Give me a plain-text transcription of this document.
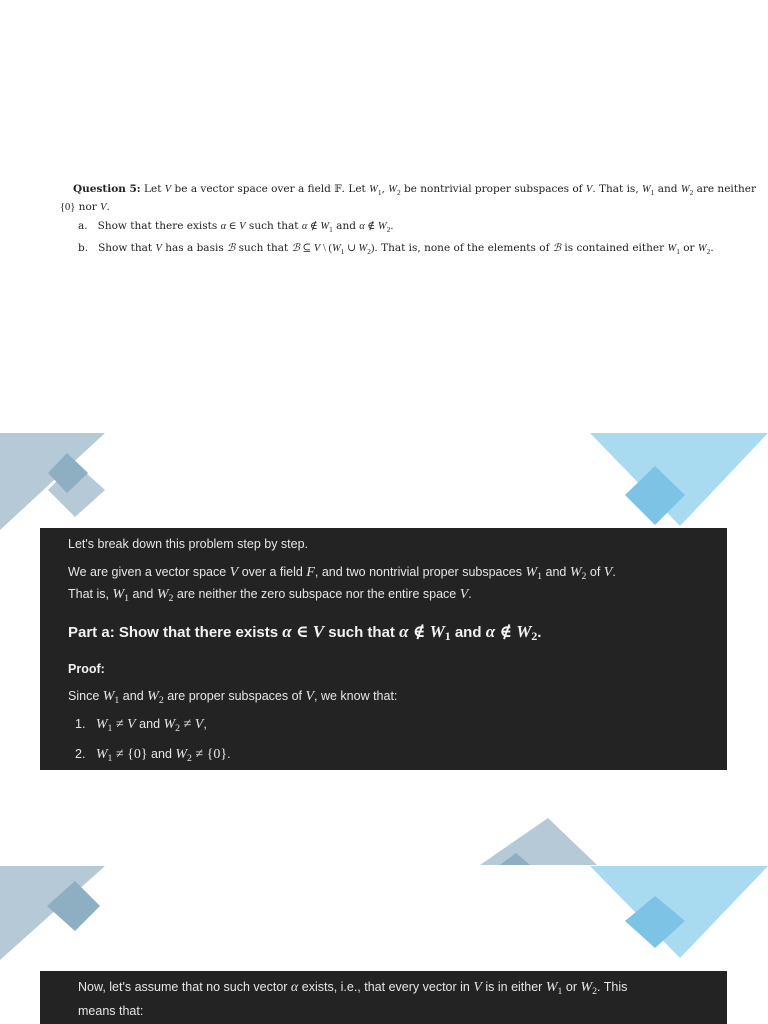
Question 5: Let V be a vector space over a field 𝔽. Let $W_1$, $W_2$ be nontrivial proper subspaces of V. That is, $W_1$ and $W_2$ are neither
{0} nor V.
a. Show that there exists α ∈ V such that α ∉ $W_1$ and α ∉ $W_2$.
b. Show that V has a basis ℬ such that ℬ ⊆ V \ ($W_1$ ∪ $W_2$). That is, none of the elements of ℬ is contained either $W_1$ or $W_2$.
Let's break down this problem step by step.
We are given a vector space V over a field F, and two nontrivial proper subspaces $W_1$ and $W_2$ of V.
That is, $W_1$ and $W_2$ are neither the zero subspace nor the entire space V.
Part a: Show that there exists α ∈ V such that α ∉ $W_1$ and α ∉ $W_2$.
Proof:
Since $W_1$ and $W_2$ are proper subspaces of V, we know that:
1. $W_1 \ne V$ and $W_2 \ne V$,
2. $W_1 \ne \{0\}$ and $W_2 \ne \{0\}$.
Now, let's assume that no such vector α exists, i.e., that every vector in V is in either $W_1$ or $W_2$. This
means that:
